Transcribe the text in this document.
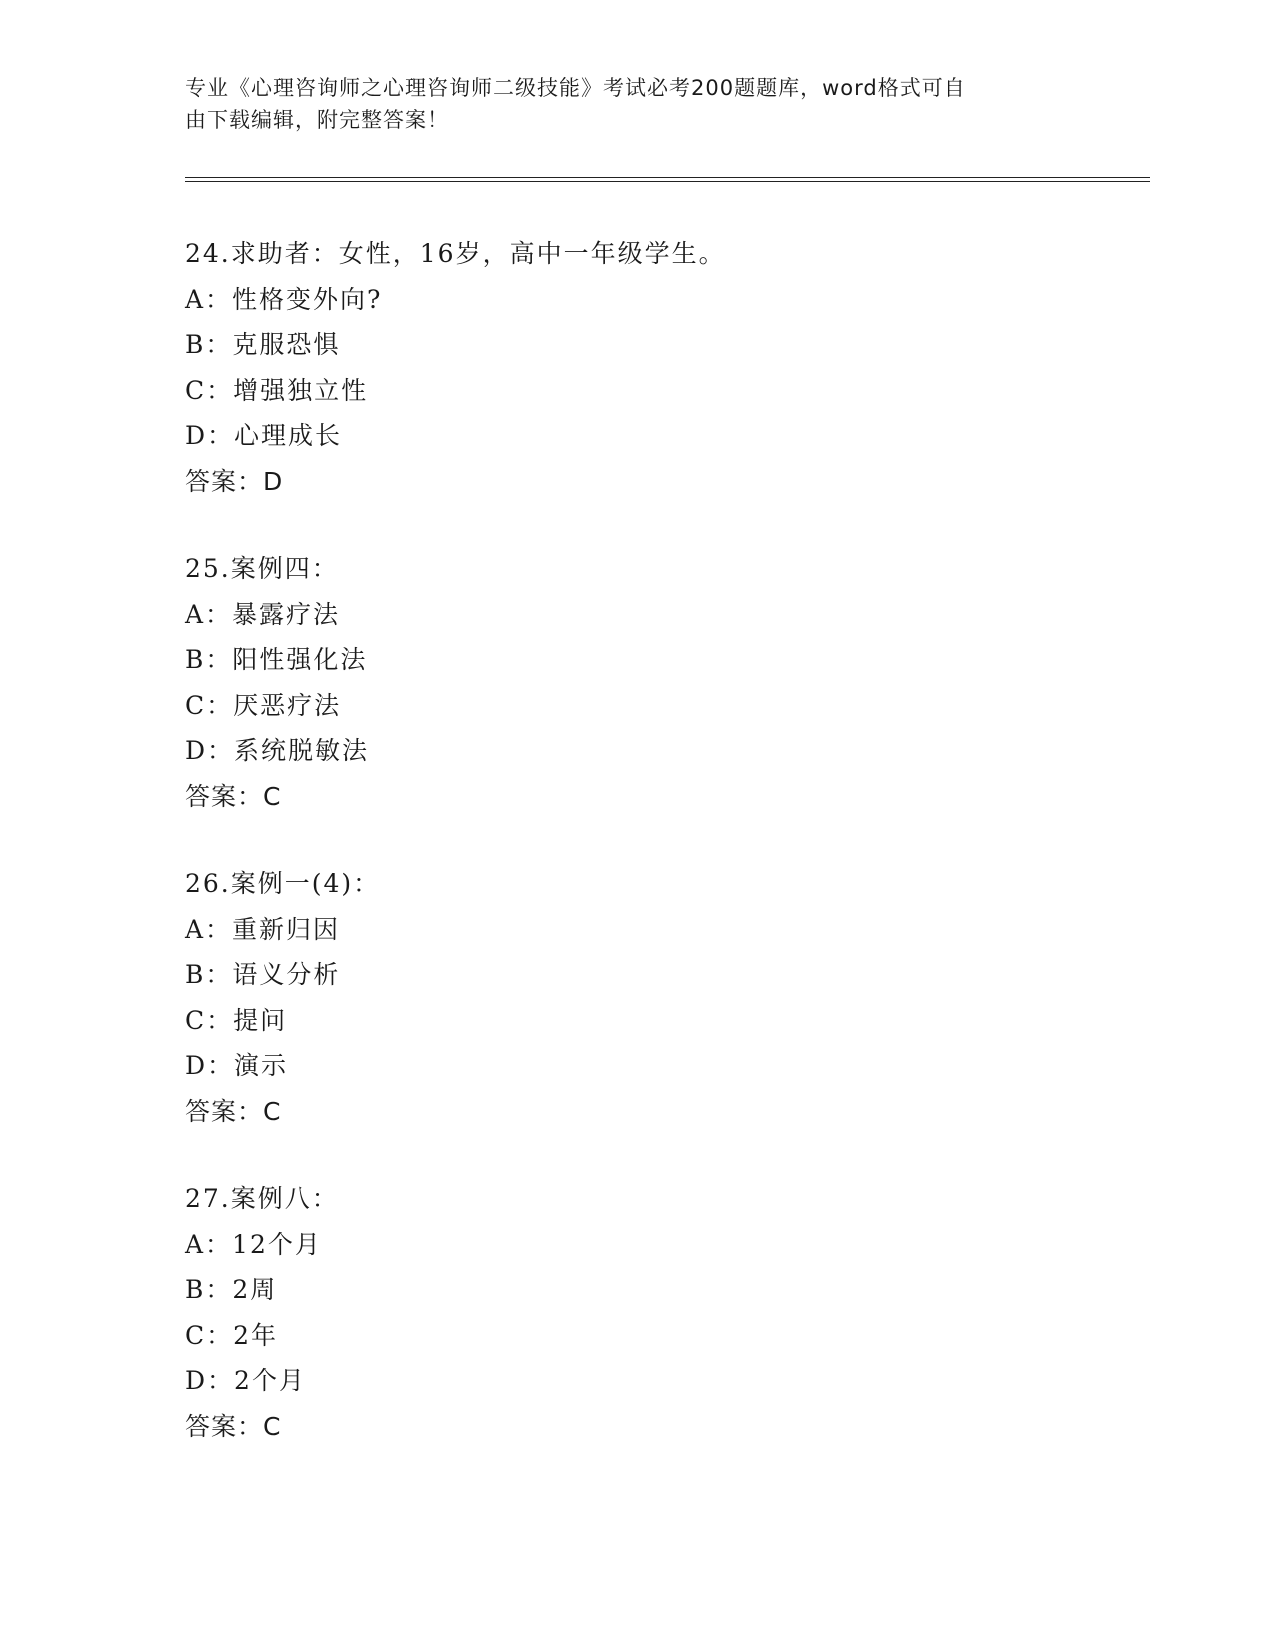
专业《心理咨询师之心理咨询师二级技能》考试必考200题题库，word格式可自
由下载编辑，附完整答案！
24.求助者：女性，16岁，高中一年级学生。
A：性格变外向?
B：克服恐惧
C：增强独立性
D：心理成长
答案：D
25.案例四：
A：暴露疗法
B：阳性强化法
C：厌恶疗法
D：系统脱敏法
答案：C
26.案例一(4)：
A：重新归因
B：语义分析
C：提问
D：演示
答案：C
27.案例八：
A：12个月
B：2周
C：2年
D：2个月
答案：C
